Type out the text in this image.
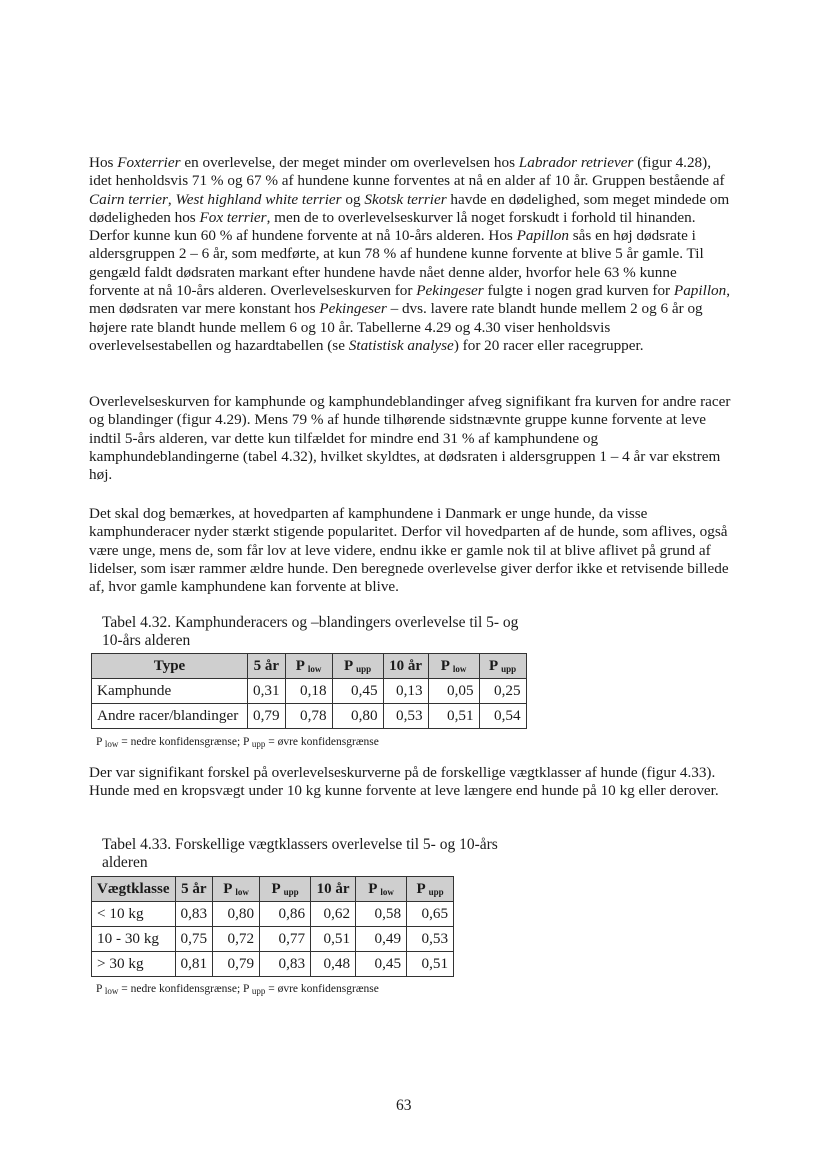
Hos Foxterrier en overlevelse, der meget minder om overlevelsen hos Labrador retriever (figur 4.28), idet henholdsvis 71 % og 67 % af hundene kunne forventes at nå en alder af 10 år. Gruppen bestående af Cairn terrier, West highland white terrier og Skotsk terrier havde en dødelighed, som meget mindede om dødeligheden hos Fox terrier, men de to overlevelseskurver lå noget forskudt i forhold til hinanden. Derfor kunne kun 60 % af hundene forvente at nå 10-års alderen. Hos Papillon sås en høj dødsrate i aldersgruppen 2 – 6 år, som medførte, at kun 78 % af hundene kunne forvente at blive 5 år gamle. Til gengæld faldt dødsraten markant efter hundene havde nået denne alder, hvorfor hele 63 % kunne forvente at nå 10-års alderen. Overlevelseskurven for Pekingeser fulgte i nogen grad kurven for Papillon, men dødsraten var mere konstant hos Pekingeser – dvs. lavere rate blandt hunde mellem 2 og 6 år og højere rate blandt hunde mellem 6 og 10 år. Tabellerne 4.29 og 4.30 viser henholdsvis overlevelsestabellen og hazardtabellen (se Statistisk analyse) for 20 racer eller racegrupper.

Overlevelseskurven for kamphunde og kamphundeblandinger afveg signifikant fra kurven for andre racer og blandinger (figur 4.29). Mens 79 % af hunde tilhørende sidstnævnte gruppe kunne forvente at leve indtil 5-års alderen, var dette kun tilfældet for mindre end 31 % af kamphundene og kamphundeblandingerne (tabel 4.32), hvilket skyldtes, at dødsraten i aldersgruppen 1 – 4 år var ekstrem høj.

Det skal dog bemærkes, at hovedparten af kamphundene i Danmark er unge hunde, da visse kamphunderacer nyder stærkt stigende popularitet. Derfor vil hovedparten af de hunde, som aflives, også være unge, mens de, som får lov at leve videre, endnu ikke er gamle nok til at blive aflivet på grund af lidelser, som især rammer ældre hunde. Den beregnede overlevelse giver derfor ikke et retvisende billede af, hvor gamle kamphundene kan forvente at blive.

Tabel 4.32. Kamphunderacers og –blandingers overlevelse til 5- og 10-års alderen

Type	5 år	P $_{low}$	P $_{upp}$	10 år	P $_{low}$	P $_{upp}$
Kamphunde	0,31	0,18	0,45	0,13	0,05	0,25
Andre racer/blandinger	0,79	0,78	0,80	0,53	0,51	0,54

P $_{low}$ = nedre konfidensgrænse; P $_{upp}$ = øvre konfidensgrænse

Der var signifikant forskel på overlevelseskurverne på de forskellige vægtklasser af hunde (figur 4.33). Hunde med en kropsvægt under 10 kg kunne forvente at leve længere end hunde på 10 kg eller derover.

Tabel 4.33. Forskellige vægtklassers overlevelse til 5- og 10-års alderen

Vægtklasse	5 år	P $_{low}$	P $_{upp}$	10 år	P $_{low}$	P $_{upp}$
< 10 kg	0,83	0,80	0,86	0,62	0,58	0,65
10 - 30 kg	0,75	0,72	0,77	0,51	0,49	0,53
> 30 kg	0,81	0,79	0,83	0,48	0,45	0,51

P $_{low}$ = nedre konfidensgrænse; P $_{upp}$ = øvre konfidensgrænse

63
